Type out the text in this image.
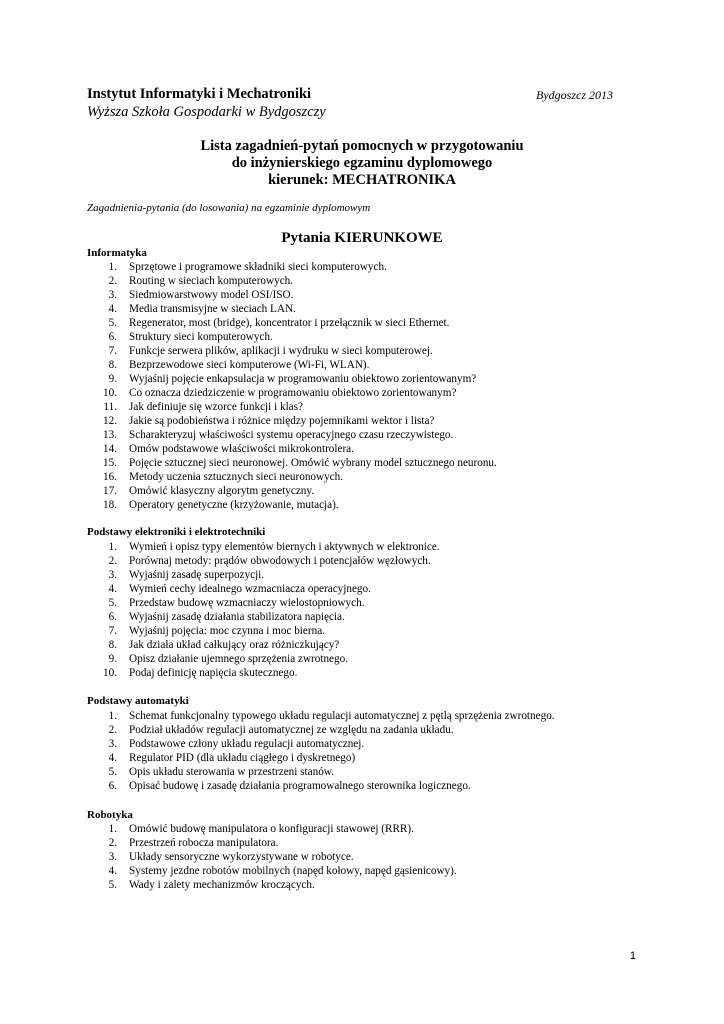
Instytut Informatyki i Mechatroniki
Wyższa Szkoła Gospodarki w Bydgoszczy
Bydgoszcz 2013
Lista zagadnień-pytań pomocnych w przygotowaniu
do inżynierskiego egzaminu dyplomowego
kierunek: MECHATRONIKA
Zagadnienia-pytania (do losowania) na egzaminie dyplomowym
Pytania KIERUNKOWE
Informatyka
1. Sprzętowe i programowe składniki sieci komputerowych.
2. Routing w sieciach komputerowych.
3. Siedmiowarstwowy model OSI/ISO.
4. Media transmisyjne w sieciach LAN.
5. Regenerator, most (bridge), koncentrator i przełącznik w sieci Ethernet.
6. Struktury sieci komputerowych.
7. Funkcje serwera plików, aplikacji i wydruku w sieci komputerowej.
8. Bezprzewodowe sieci komputerowe (Wi-Fi, WLAN).
9. Wyjaśnij pojęcie enkapsulacja w programowaniu obiektowo zorientowanym?
10. Co oznacza dziedziczenie w programowaniu obiektowo zorientowanym?
11. Jak definiuje się wzorce funkcji i klas?
12. Jakie są podobieństwa i różnice między pojemnikami wektor i lista?
13. Scharakteryzuj właściwości systemu operacyjnego czasu rzeczywistego.
14. Omów podstawowe właściwości mikrokontrolera.
15. Pojęcie sztucznej sieci neuronowej. Omówić wybrany model sztucznego neuronu.
16. Metody uczenia sztucznych sieci neuronowych.
17. Omówić klasyczny algorytm genetyczny.
18. Operatory genetyczne (krzyżowanie, mutacja).
Podstawy elektroniki i elektrotechniki
1. Wymień i opisz typy elementów biernych i aktywnych w elektronice.
2. Porównaj metody: prądów obwodowych i potencjałów węzłowych.
3. Wyjaśnij zasadę superpozycji.
4. Wymień cechy idealnego wzmacniacza operacyjnego.
5. Przedstaw budowę wzmacniaczy wielostopniowych.
6. Wyjaśnij zasadę działania stabilizatora napięcia.
7. Wyjaśnij pojęcia: moc czynna i moc bierna.
8. Jak działa układ całkujący oraz różniczkujący?
9. Opisz działanie ujemnego sprzężenia zwrotnego.
10. Podaj definicję napięcia skutecznego.
Podstawy automatyki
1. Schemat funkcjonalny typowego układu regulacji automatycznej z pętlą sprzężenia zwrotnego.
2. Podział układów regulacji automatycznej ze względu na zadania układu.
3. Podstawowe człony układu regulacji automatycznej.
4. Regulator PID (dla układu ciągłego i dyskretnego)
5. Opis układu sterowania w przestrzeni stanów.
6. Opisać budowę i zasadę działania programowalnego sterownika logicznego.
Robotyka
1. Omówić budowę manipulatora o konfiguracji stawowej (RRR).
2. Przestrzeń robocza manipulatora.
3. Układy sensoryczne wykorzystywane w robotyce.
4. Systemy jezdne robotów mobilnych (napęd kołowy, napęd gąsienicowy).
5. Wady i zalety mechanizmów kroczących.
1
